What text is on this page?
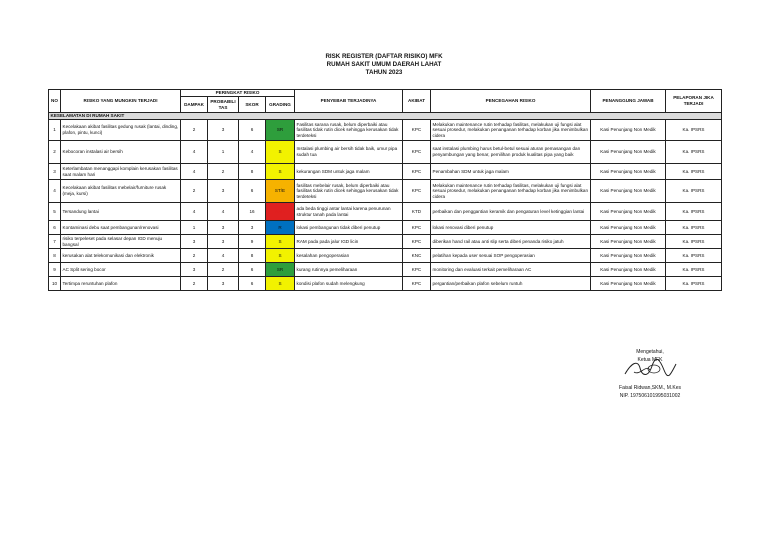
RISK REGISTER (DAFTAR RISIKO) MFK
RUMAH SAKIT UMUM DAERAH LAHAT
TAHUN 2023
NO	RISIKO YANG MUNGKIN TERJADI	PERINGKAT RISIKO				PENYEBAB TERJADINYA	AKIBAT	PENCEGAHAN RISIKO	PENANGGUNG JAWAB	PELAPORAN JIKA TERJADI
		DAMPAK	PROBABILI TAS	SKOR	GRADING					
KESELAMATAN DI RUMAH SAKIT										
1	Kecelakaan akibat fasilitas gedung rusak (lantai, dinding, plafon, pintu, kunci)	2	3	6	SR	Fasilitas sarana rusak, belum diperbaiki atau fasilitas tidak rutin dicek sehingga kerusakan tidak terdeteksi	KPC	Melakukan maintenance rutin terhadap fasilitas, melakukan uji fungsi alat sesuai prosedur, melakukan penanganan terhadap korban jika menimbulkan cidera	Kasi Penunjang Non Medik	Ka. IPSRS
2	Kebocoran instalasi air bersih	4	1	4	S	Instalasi plumbing air bersih tidak baik, umur pipa sudah tua	KPC	saat instalasi plumbing harus betul-betul sesuai aturan pemasangan dan penyambungan yang benar, pemilihan produk kualitas pipa yang baik	Kasi Penunjang Non Medik	Ka. IPSRS
3	Keterlambatan menanggapi komplain kerusakan fasilitas saat malam hari	4	2	8	S	kekurangan SDM untuk jaga malam	KPC	Penambahan SDM untuk jaga malam	Kasi Penunjang Non Medik	Ka. IPSRS
4	Kecelakaan akibat fasilitas mebelair/furniture rusak (meja, kursi)	2	3	6	ST/E	fasilitas mebelair rusak, belum diperbaiki atau fasilitas tidak rutin dicek sehingga kerusakan tidak terdeteksi	KPC	Melakukan maintenance rutin terhadap fasilitas, melakukan uji fungsi alat sesuai prosedur, melakukan penanganan terhadap korban jika menimbulkan cidera	Kasi Penunjang Non Medik	Ka. IPSRS
5	Tersandung lantai	4	4	16	AMA	ada beda tinggi antar lantai karena penurunan struktur tanah pada lantai	KTD	perbaikan dan penggantian keramik dan pengaturan level ketinggian lantai	Kasi Penunjang Non Medik	Ka. IPSRS
6	Kontaminasi debu saat pembangunan/renovasi	1	3	3	R	lokasi pembangunan tidak diberi penutup	KPC	lokasi renovasi diberi penutup	Kasi Penunjang Non Medik	Ka. IPSRS
7	risiko terpeleset pada selasar depan IGD menuju bangsal	3	3	9	S	RAM pada pada jalur IGD licin	KPC	diberikan hand rail atau anti slip serta diberi penanda risiko jatuh	Kasi Penunjang Non Medik	Ka. IPSRS
8	kerusakan alat telekomunikasi dan elektronik	2	4	8	S	kesalahan pengoperasian	KNC	pelatihan kepada user sesuai SOP pengoperasian	Kasi Penunjang Non Medik	Ka. IPSRS
9	AC Split sering bocor	3	2	6	SR	kurang rutinnya pemeliharaan	KPC	monitoring dan evaluasi terkait pemeliharaan AC	Kasi Penunjang Non Medik	Ka. IPSRS
10	Tertimpa reruntuhan plafon	2	3	6	S	kondisi plafon sudah melengkung	KPC	pergantian/perbaikan plafon sebelum runtuh	Kasi Penunjang Non Medik	Ka. IPSRS
Mengetahui,
Ketua MFK
Faisal Ridwan,SKM., M.Kes
NIP. 197506101995031002
